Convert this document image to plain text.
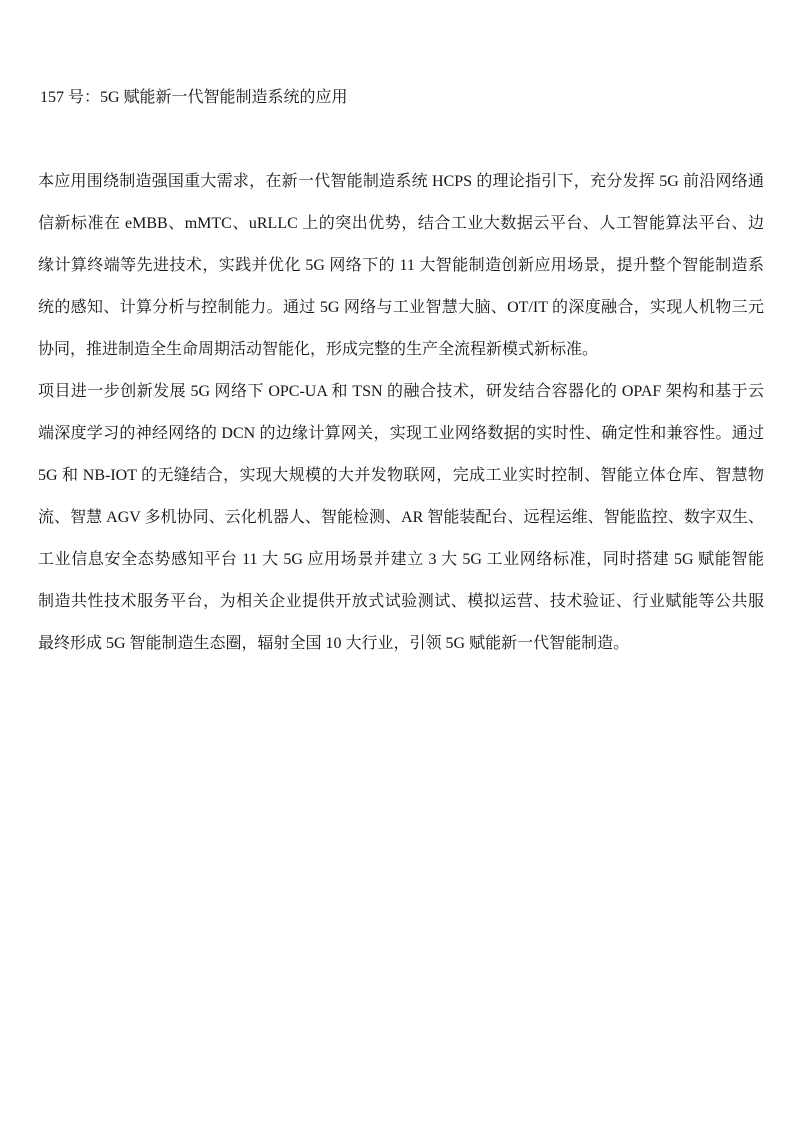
157 号：5G 赋能新一代智能制造系统的应用
本应用围绕制造强国重大需求，在新一代智能制造系统 HCPS 的理论指引下，充分发挥 5G 前沿网络通
信新标准在 eMBB、mMTC、uRLLC 上的突出优势，结合工业大数据云平台、人工智能算法平台、边
缘计算终端等先进技术，实践并优化 5G 网络下的 11 大智能制造创新应用场景，提升整个智能制造系
统的感知、计算分析与控制能力。通过 5G 网络与工业智慧大脑、OT/IT 的深度融合，实现人机物三元
协同，推进制造全生命周期活动智能化，形成完整的生产全流程新模式新标准。
项目进一步创新发展 5G 网络下 OPC-UA 和 TSN 的融合技术，研发结合容器化的 OPAF 架构和基于云
端深度学习的神经网络的 DCN 的边缘计算网关，实现工业网络数据的实时性、确定性和兼容性。通过
5G 和 NB-IOT 的无缝结合，实现大规模的大并发物联网，完成工业实时控制、智能立体仓库、智慧物
流、智慧 AGV 多机协同、云化机器人、智能检测、AR 智能装配台、远程运维、智能监控、数字双生、
工业信息安全态势感知平台 11 大 5G 应用场景并建立 3 大 5G 工业网络标准，同时搭建 5G 赋能智能
制造共性技术服务平台，为相关企业提供开放式试验测试、模拟运营、技术验证、行业赋能等公共服
最终形成 5G 智能制造生态圈，辐射全国 10 大行业，引领 5G 赋能新一代智能制造。
